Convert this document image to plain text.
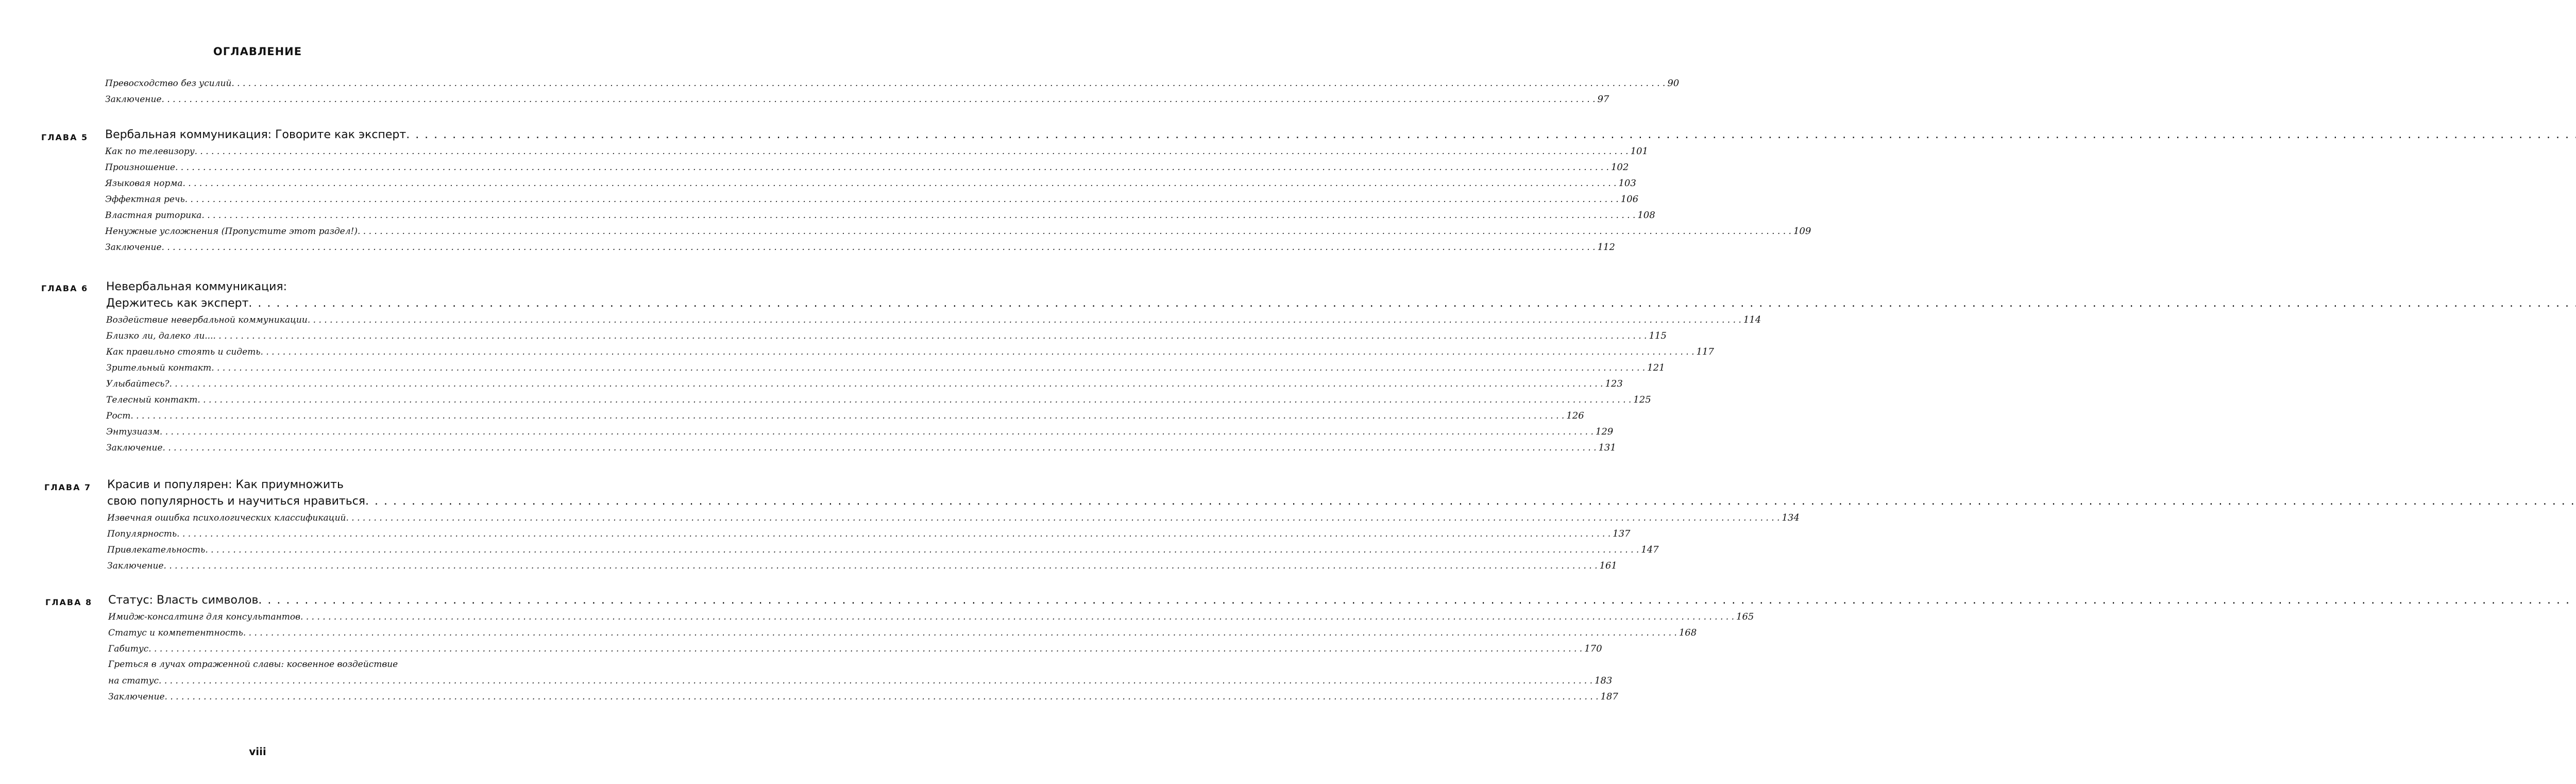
ОГЛАВЛЕНИЕ
Превосходство без усилий . . .	90
Заключение . . .	97
ГЛАВА 5 Вербальная коммуникация: Говорите как эксперт
. . .
Как по телевизору . . .	101
Произношение . . .	102
Языковая норма . . .	103
Эффектная речь . . .	106
Властная риторика . . .	108
Ненужные усложнения (Пропустите этот раздел!) . . .	109
Заключение . . .	112
ГЛАВА 6 Невербальная коммуникация:
Держитесь как эксперт
. . .
Воздействие невербальной коммуникации . . .	114
Близко ли, далеко ли... . . .	115
Как правильно стоять и сидеть . . .	117
Зрительный контакт . . .	121
Улыбайтесь? . . .	123
Телесный контакт . . .	125
Рост . . .	126
Энтузиазм . . .	129
Заключение . . .	131
ГЛАВА 7 Красив и популярен: Как приумножить
свою популярность и научиться нравиться
. . .
Извечная ошибка психологических классификаций . . .	134
Популярность . . .	137
Привлекательность . . .	147
Заключение . . .	161
ГЛАВА 8 Статус: Власть символов
. . .
Имидж-консалтинг для консультантов . . .	165
Статус и компетентность . . .	168
Габитус . . .	170
Греться в лучах отраженной славы: косвенное воздействие
на статус . . .	183
Заключение . . .	187
viii
